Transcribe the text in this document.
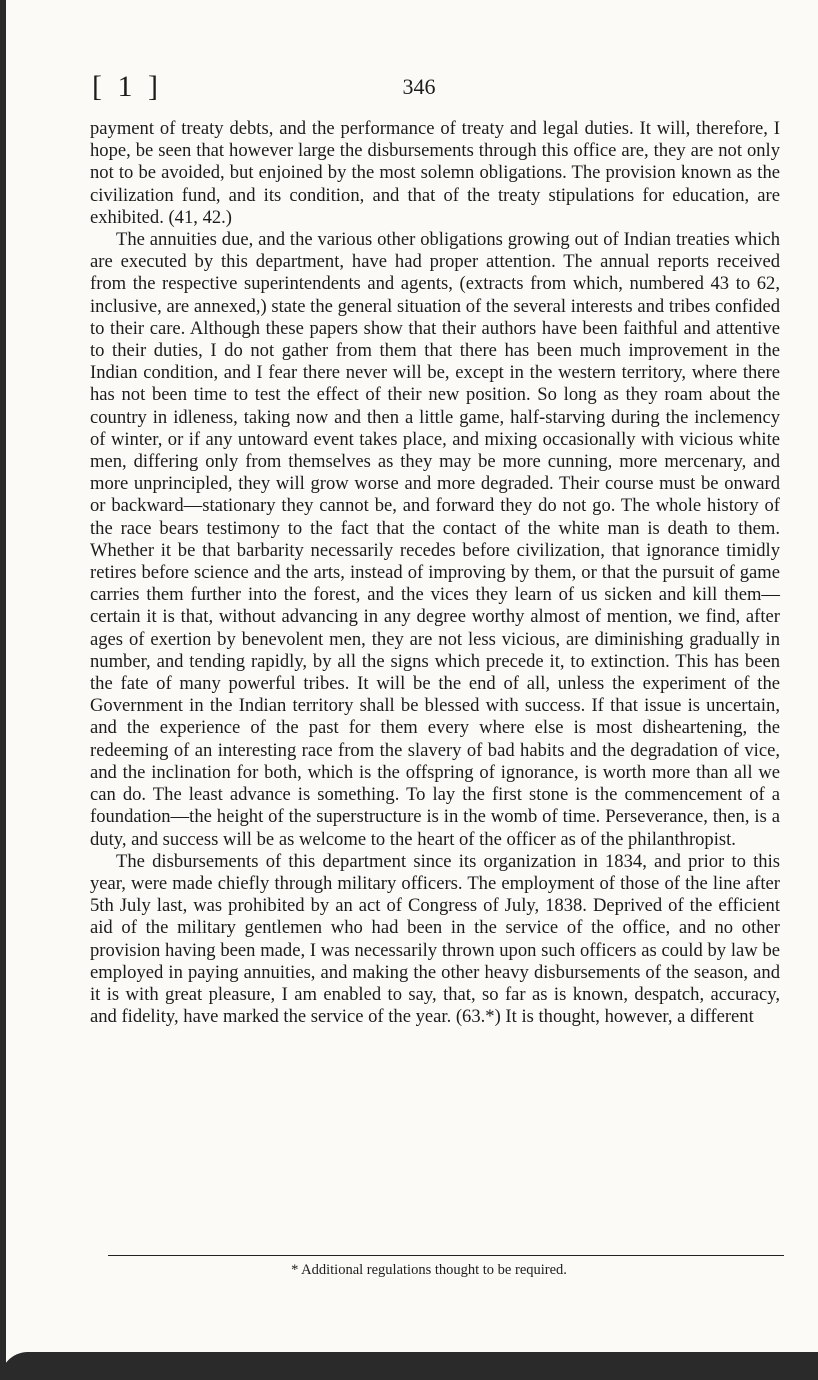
[ 1 ]	346

payment of treaty debts, and the performance of treaty and legal duties. It will, therefore, I hope, be seen that however large the disbursements through this office are, they are not only not to be avoided, but enjoined by the most solemn obligations. The provision known as the civilization fund, and its condition, and that of the treaty stipulations for education, are exhibited. (41, 42.)

The annuities due, and the various other obligations growing out of Indian treaties which are executed by this department, have had proper attention. The annual reports received from the respective superintendents and agents, (extracts from which, numbered 43 to 62, inclusive, are annexed,) state the general situation of the several interests and tribes confided to their care. Although these papers show that their authors have been faithful and attentive to their duties, I do not gather from them that there has been much improvement in the Indian condition, and I fear there never will be, except in the western territory, where there has not been time to test the effect of their new position. So long as they roam about the country in idleness, taking now and then a little game, half-starving during the inclemency of winter, or if any untoward event takes place, and mixing occasionally with vicious white men, differing only from themselves as they may be more cunning, more mercenary, and more unprincipled, they will grow worse and more degraded. Their course must be onward or backward—stationary they cannot be, and forward they do not go. The whole history of the race bears testimony to the fact that the contact of the white man is death to them. Whether it be that barbarity necessarily recedes before civilization, that ignorance timidly retires before science and the arts, instead of improving by them, or that the pursuit of game carries them further into the forest, and the vices they learn of us sicken and kill them—certain it is that, without advancing in any degree worthy almost of mention, we find, after ages of exertion by benevolent men, they are not less vicious, are diminishing gradually in number, and tending rapidly, by all the signs which precede it, to extinction. This has been the fate of many powerful tribes. It will be the end of all, unless the experiment of the Government in the Indian territory shall be blessed with success. If that issue is uncertain, and the experience of the past for them every where else is most disheartening, the redeeming of an interesting race from the slavery of bad habits and the degradation of vice, and the inclination for both, which is the offspring of ignorance, is worth more than all we can do. The least advance is something. To lay the first stone is the commencement of a foundation—the height of the superstructure is in the womb of time. Perseverance, then, is a duty, and success will be as welcome to the heart of the officer as of the philanthropist.

The disbursements of this department since its organization in 1834, and prior to this year, were made chiefly through military officers. The employment of those of the line after 5th July last, was prohibited by an act of Congress of July, 1838. Deprived of the efficient aid of the military gentlemen who had been in the service of the office, and no other provision having been made, I was necessarily thrown upon such officers as could by law be employed in paying annuities, and making the other heavy disbursements of the season, and it is with great pleasure, I am enabled to say, that, so far as is known, despatch, accuracy, and fidelity, have marked the service of the year. (63.*) It is thought, however, a different

* Additional regulations thought to be required.
